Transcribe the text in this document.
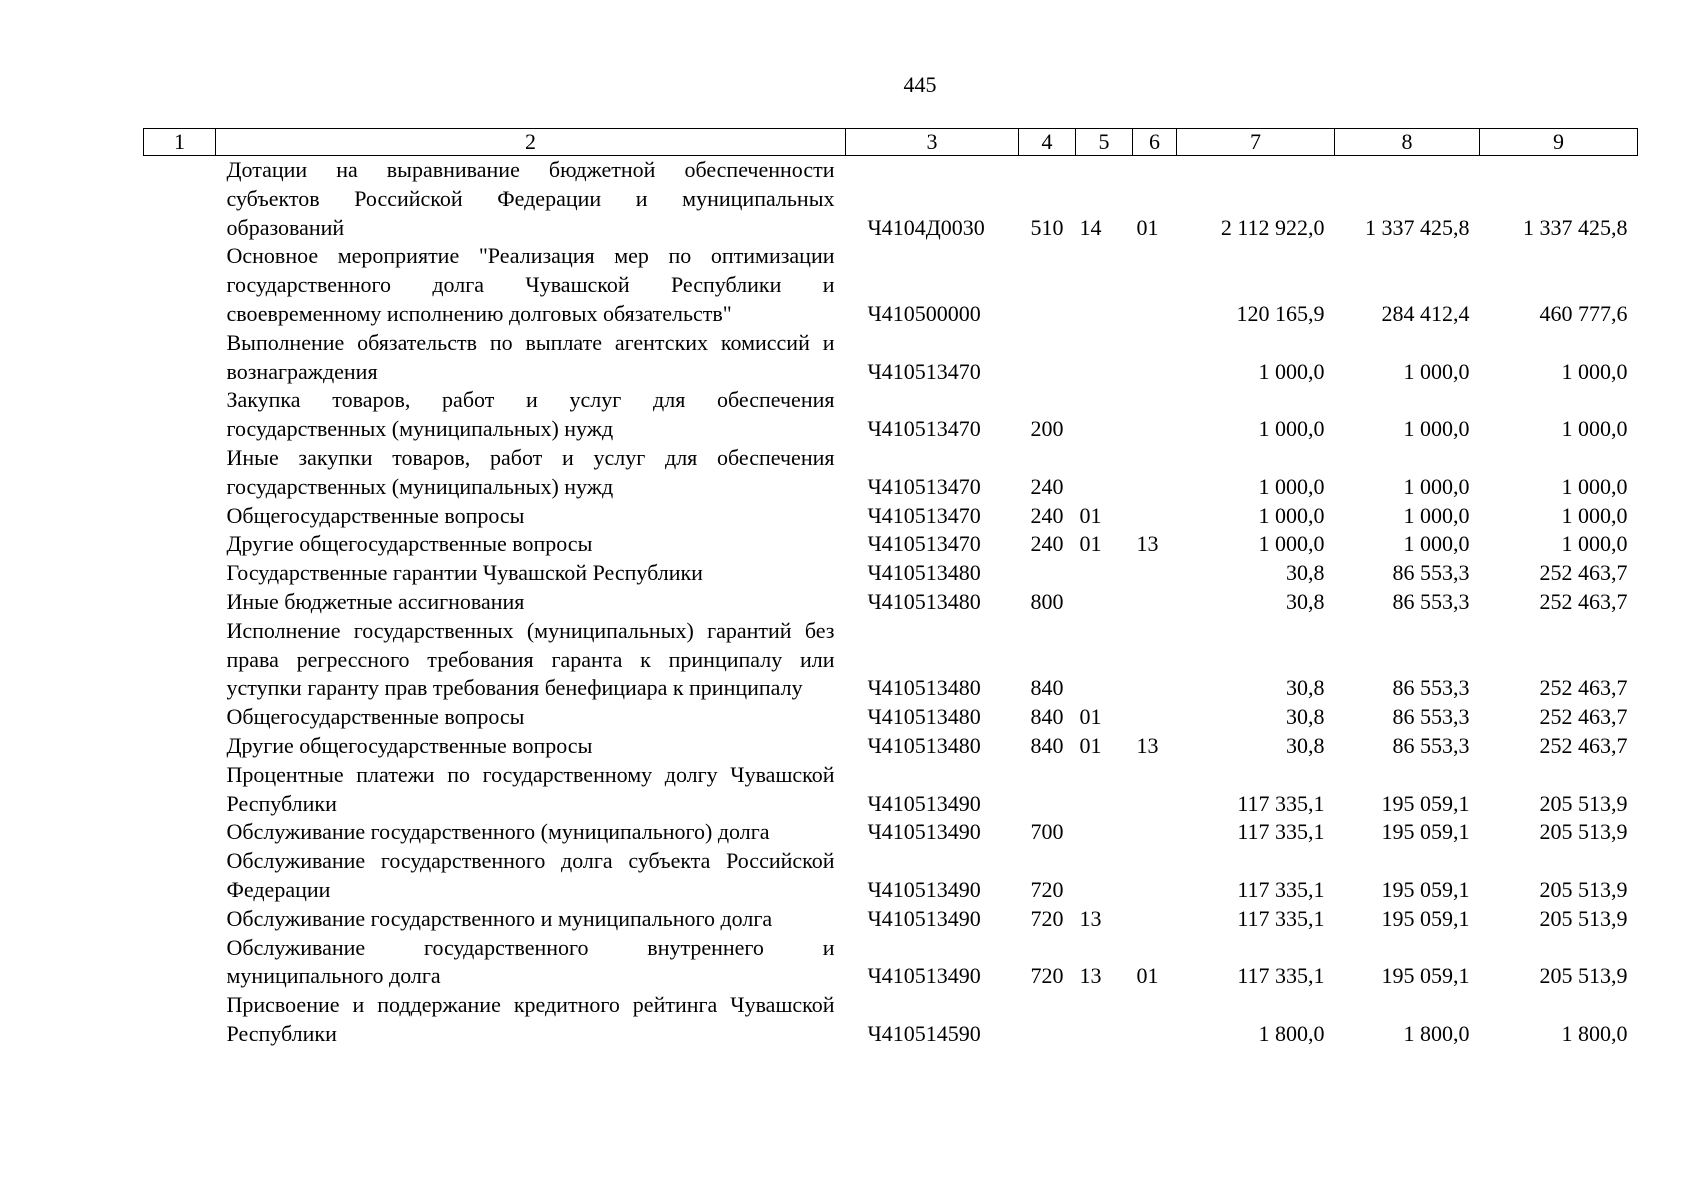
445
1	2	3	4	5	6	7	8	9
	Дотации на выравнивание бюджетной обеспеченности субъектов Российской Федерации и муниципальных образований	Ч4104Д0030	510	14	01	2 112 922,0	1 337 425,8	1 337 425,8
	Основное мероприятие "Реализация мер по оптимизации государственного долга Чувашской Республики и своевременному исполнению долговых обязательств"	Ч410500000				120 165,9	284 412,4	460 777,6
	Выполнение обязательств по выплате агентских комиссий и вознаграждения	Ч410513470				1 000,0	1 000,0	1 000,0
	Закупка товаров, работ и услуг для обеспечения государственных (муниципальных) нужд	Ч410513470	200			1 000,0	1 000,0	1 000,0
	Иные закупки товаров, работ и услуг для обеспечения государственных (муниципальных) нужд	Ч410513470	240			1 000,0	1 000,0	1 000,0
	Общегосударственные вопросы	Ч410513470	240	01		1 000,0	1 000,0	1 000,0
	Другие общегосударственные вопросы	Ч410513470	240	01	13	1 000,0	1 000,0	1 000,0
	Государственные гарантии Чувашской Республики	Ч410513480				30,8	86 553,3	252 463,7
	Иные бюджетные ассигнования	Ч410513480	800			30,8	86 553,3	252 463,7
	Исполнение государственных (муниципальных) гарантий без права регрессного требования гаранта к принципалу или уступки гаранту прав требования бенефициара к принципалу	Ч410513480	840			30,8	86 553,3	252 463,7
	Общегосударственные вопросы	Ч410513480	840	01		30,8	86 553,3	252 463,7
	Другие общегосударственные вопросы	Ч410513480	840	01	13	30,8	86 553,3	252 463,7
	Процентные платежи по государственному долгу Чувашской Республики	Ч410513490				117 335,1	195 059,1	205 513,9
	Обслуживание государственного (муниципального) долга	Ч410513490	700			117 335,1	195 059,1	205 513,9
	Обслуживание государственного долга субъекта Российской Федерации	Ч410513490	720			117 335,1	195 059,1	205 513,9
	Обслуживание государственного и муниципального долга	Ч410513490	720	13		117 335,1	195 059,1	205 513,9
	Обслуживание государственного внутреннего и муниципального долга	Ч410513490	720	13	01	117 335,1	195 059,1	205 513,9
	Присвоение и поддержание кредитного рейтинга Чувашской Республики	Ч410514590				1 800,0	1 800,0	1 800,0
